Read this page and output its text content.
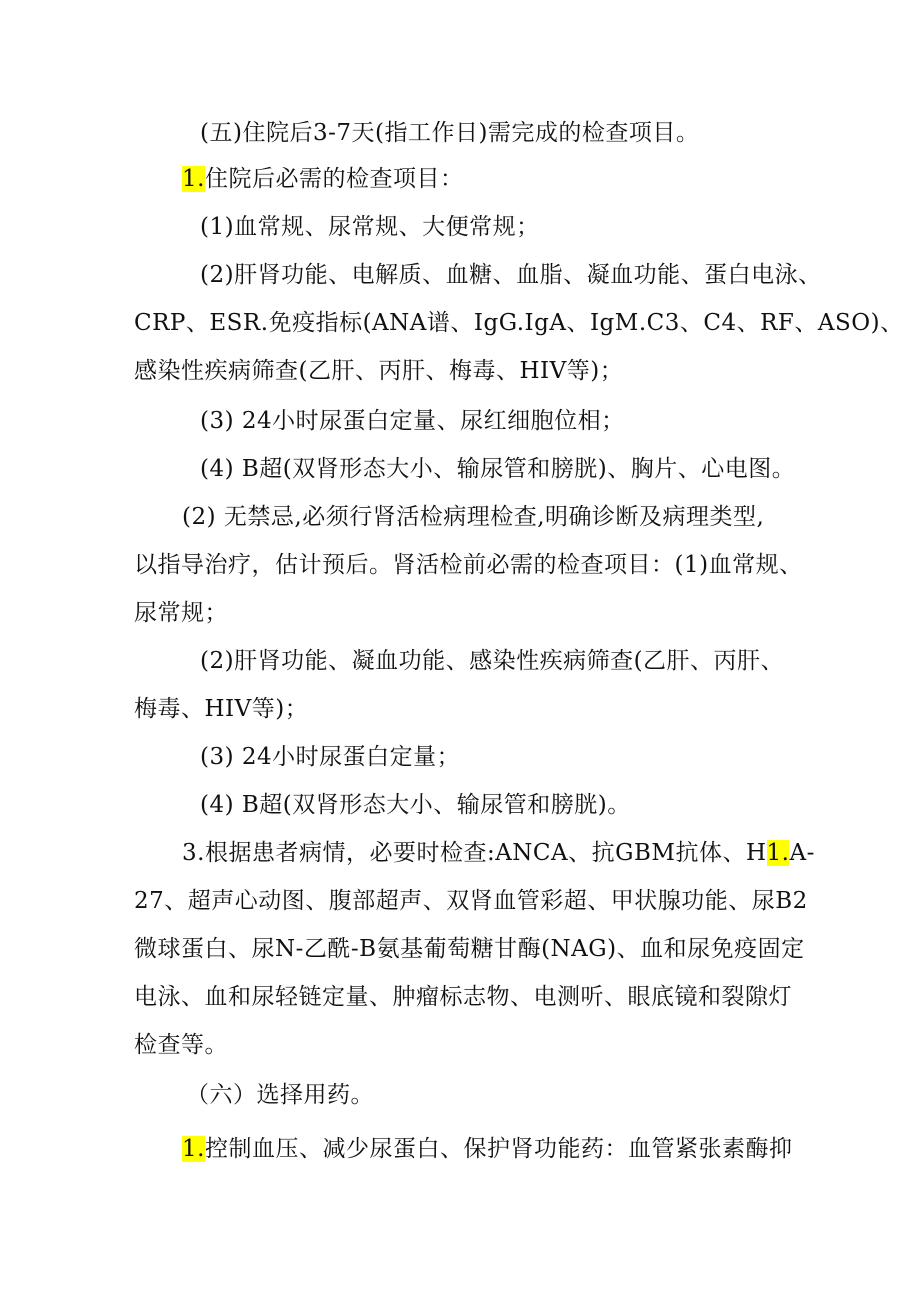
(五)住院后3-7天(指工作日)需完成的检查项目。
1.住院后必需的检查项目：
(1)血常规、尿常规、大便常规；
(2)肝肾功能、电解质、血糖、血脂、凝血功能、蛋白电泳、
CRP、ESR.免疫指标(ANA谱、IgG.IgA、IgM.C3、C4、RF、ASO)、
感染性疾病筛查(乙肝、丙肝、梅毒、HIV等)；
(3) 24小时尿蛋白定量、尿红细胞位相；
(4) B超(双肾形态大小、输尿管和膀胱)、胸片、心电图。
(2) 无禁忌,必须行肾活检病理检查,明确诊断及病理类型,
以指导治疗，估计预后。肾活检前必需的检查项目：(1)血常规、
尿常规；
(2)肝肾功能、凝血功能、感染性疾病筛查(乙肝、丙肝、
梅毒、HIV等)；
(3) 24小时尿蛋白定量；
(4) B超(双肾形态大小、输尿管和膀胱)。
3.根据患者病情，必要时检查:ANCA、抗GBM抗体、H1.A-
27、超声心动图、腹部超声、双肾血管彩超、甲状腺功能、尿B2
微球蛋白、尿N-乙酰-B氨基葡萄糖甘酶(NAG)、血和尿免疫固定
电泳、血和尿轻链定量、肿瘤标志物、电测听、眼底镜和裂隙灯
检查等。
（六）选择用药。
1.控制血压、减少尿蛋白、保护肾功能药：血管紧张素酶抑
